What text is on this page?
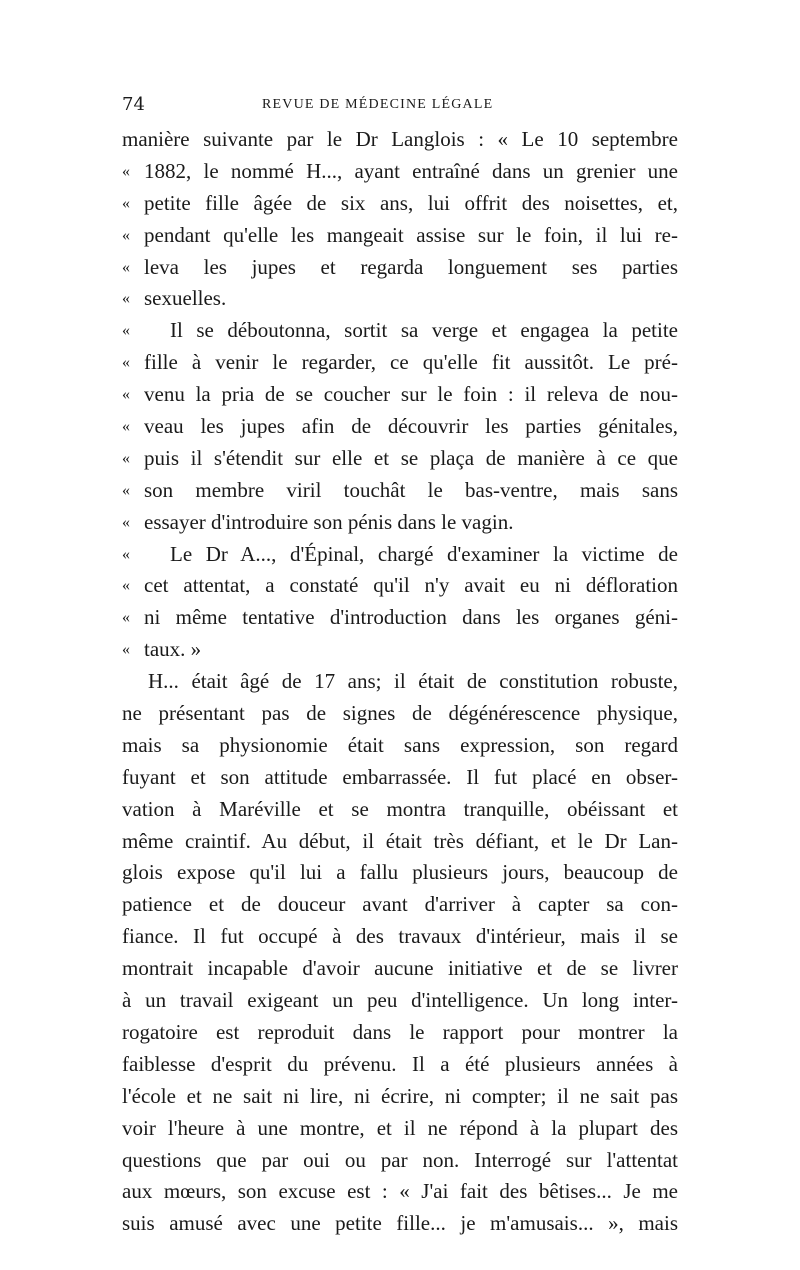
74	REVUE DE MÉDECINE LÉGALE
manière suivante par le Dr Langlois : « Le 10 septembre
« 1882, le nommé H..., ayant entraîné dans un grenier une
« petite fille âgée de six ans, lui offrit des noisettes, et,
« pendant qu'elle les mangeait assise sur le foin, il lui re-
« leva les jupes et regarda longuement ses parties
« sexuelles.
«	Il se déboutonna, sortit sa verge et engagea la petite
« fille à venir le regarder, ce qu'elle fit aussitôt. Le pré-
« venu la pria de se coucher sur le foin : il releva de nou-
« veau les jupes afin de découvrir les parties génitales,
« puis il s'étendit sur elle et se plaça de manière à ce que
« son membre viril touchât le bas-ventre, mais sans
« essayer d'introduire son pénis dans le vagin.
«	Le Dr A..., d'Épinal, chargé d'examiner la victime de
« cet attentat, a constaté qu'il n'y avait eu ni défloration
« ni même tentative d'introduction dans les organes géni-
« taux. »
H... était âgé de 17 ans; il était de constitution robuste,
ne présentant pas de signes de dégénérescence physique,
mais sa physionomie était sans expression, son regard
fuyant et son attitude embarrassée. Il fut placé en obser-
vation à Maréville et se montra tranquille, obéissant et
même craintif. Au début, il était très défiant, et le Dr Lan-
glois expose qu'il lui a fallu plusieurs jours, beaucoup de
patience et de douceur avant d'arriver à capter sa con-
fiance. Il fut occupé à des travaux d'intérieur, mais il se
montrait incapable d'avoir aucune initiative et de se livrer
à un travail exigeant un peu d'intelligence. Un long inter-
rogatoire est reproduit dans le rapport pour montrer la
faiblesse d'esprit du prévenu. Il a été plusieurs années à
l'école et ne sait ni lire, ni écrire, ni compter; il ne sait pas
voir l'heure à une montre, et il ne répond à la plupart des
questions que par oui ou par non. Interrogé sur l'attentat
aux mœurs, son excuse est : « J'ai fait des bêtises... Je me
suis amusé avec une petite fille... je m'amusais... », mais
